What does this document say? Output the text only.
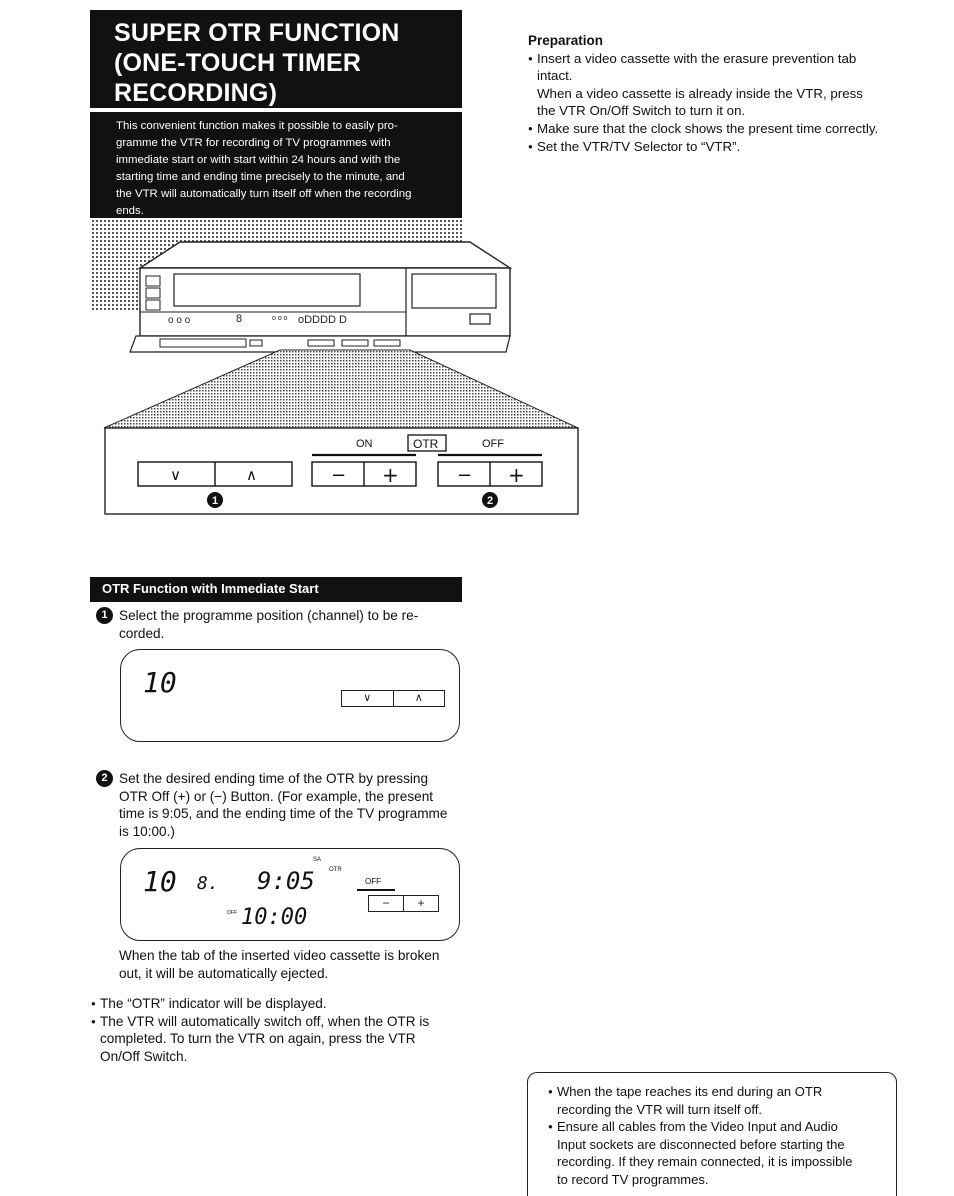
SUPER OTR FUNCTION
(ONE-TOUCH TIMER
RECORDING)
This convenient function makes it possible to easily pro-
gramme the VTR for recording of TV programmes with
immediate start or with start within 24 hours and with the
starting time and ending time precisely to the minute, and
the VTR will automatically turn itself off when the recording
ends.
o o o	8	o o o oDDDD D
ON	OTR	OFF
∨	∧	− +	− +
1	2
Preparation
● Insert a video cassette with the erasure prevention tab
intact.
When a video cassette is already inside the VTR, press
the VTR On/Off Switch to turn it on.
● Make sure that the clock shows the present time correctly.
● Set the VTR/TV Selector to “VTR”.
OTR Function with Immediate Start
1 Select the programme position (channel) to be re-
corded.
10	∨	∧
2 Set the desired ending time of the OTR by pressing
OTR Off (+) or (−) Button. (For example, the present
time is 9:05, and the ending time of the TV programme
is 10:00.)
10 8. 9:05
SA
OTR
OFF
−	+
OFF 10:00
When the tab of the inserted video cassette is broken
out, it will be automatically ejected.
● The “OTR” indicator will be displayed.
● The VTR will automatically switch off, when the OTR is
completed. To turn the VTR on again, press the VTR
On/Off Switch.
● When the tape reaches its end during an OTR
recording the VTR will turn itself off.
● Ensure all cables from the Video Input and Audio
Input sockets are disconnected before starting the
recording. If they remain connected, it is impossible
to record TV programmes.
